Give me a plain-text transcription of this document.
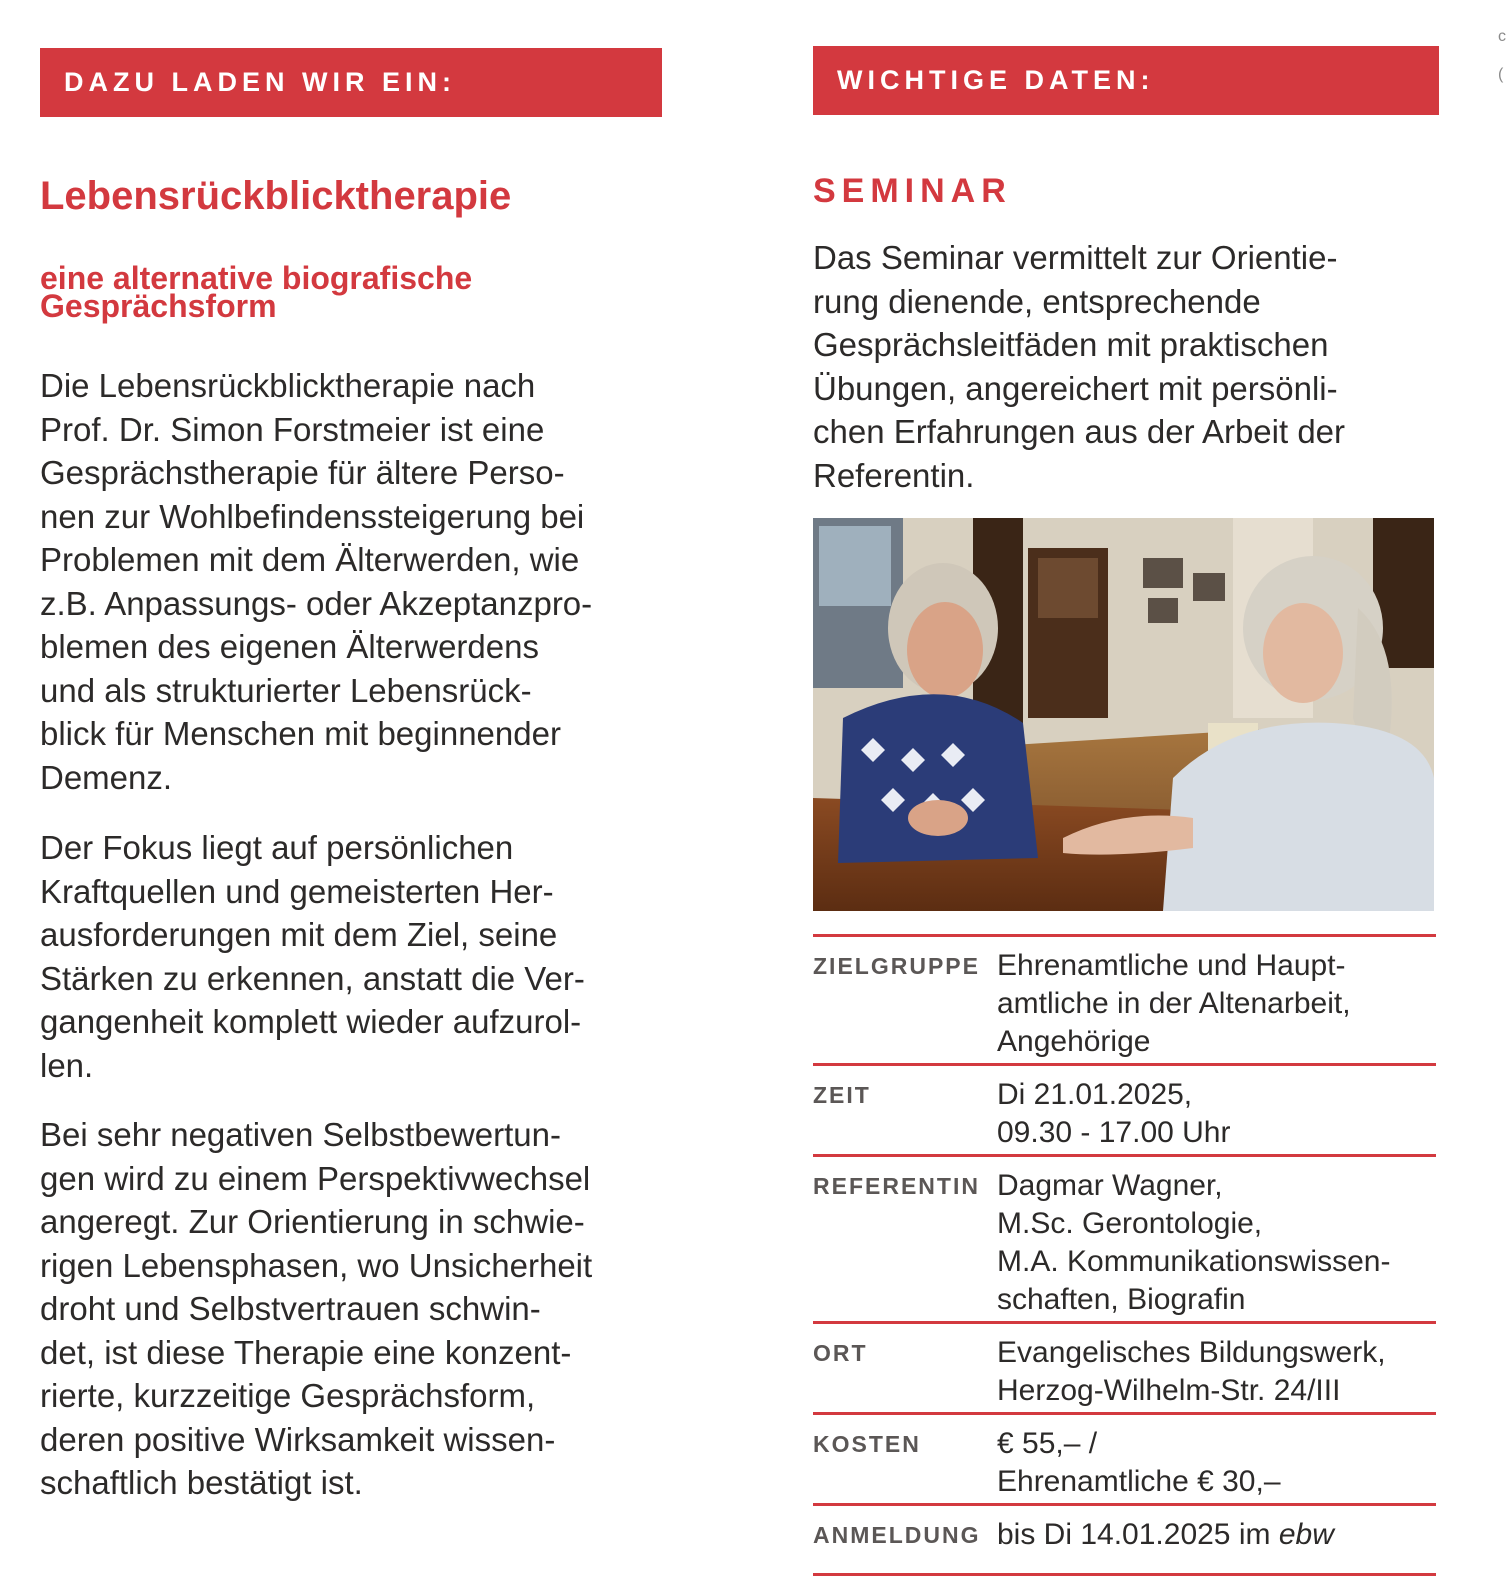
DAZU LADEN WIR EIN:	WICHTIGE DATEN:
Lebensrückblicktherapie
eine alternative biografische Gesprächsform

Die Lebensrückblicktherapie nach
Prof. Dr. Simon Forstmeier ist eine
Gesprächstherapie für ältere Perso-
nen zur Wohlbefindenssteigerung bei
Problemen mit dem Älterwerden, wie
z.B. Anpassungs- oder Akzeptanzpro-
blemen des eigenen Älterwerdens
und als strukturierter Lebensrück-
blick für Menschen mit beginnender
Demenz.

Der Fokus liegt auf persönlichen
Kraftquellen und gemeisterten Her-
ausforderungen mit dem Ziel, seine
Stärken zu erkennen, anstatt die Ver-
gangenheit komplett wieder aufzurol-
len.

Bei sehr negativen Selbstbewertun-
gen wird zu einem Perspektivwechsel
angeregt. Zur Orientierung in schwie-
rigen Lebensphasen, wo Unsicherheit
droht und Selbstvertrauen schwin-
det, ist diese Therapie eine konzent-
rierte, kurzzeitige Gesprächsform,
deren positive Wirksamkeit wissen-
schaftlich bestätigt ist.

SEMINAR

Das Seminar vermittelt zur Orientie-
rung dienende, entsprechende
Gesprächsleitfäden mit praktischen
Übungen, angereichert mit persönli-
chen Erfahrungen aus der Arbeit der
Referentin.

ZIELGRUPPE Ehrenamtliche und Haupt-
amtliche in der Altenarbeit,
Angehörige
ZEIT	Di 21.01.2025,
09.30 - 17.00 Uhr
REFERENTIN Dagmar Wagner,
M.Sc. Gerontologie,
M.A. Kommunikationswissen-
schaften, Biografin
ORT	Evangelisches Bildungswerk,
Herzog-Wilhelm-Str. 24/III
KOSTEN	€ 55,– /
Ehrenamtliche € 30,–
ANMELDUNG bis Di 14.01.2025 im ebw
c
(
